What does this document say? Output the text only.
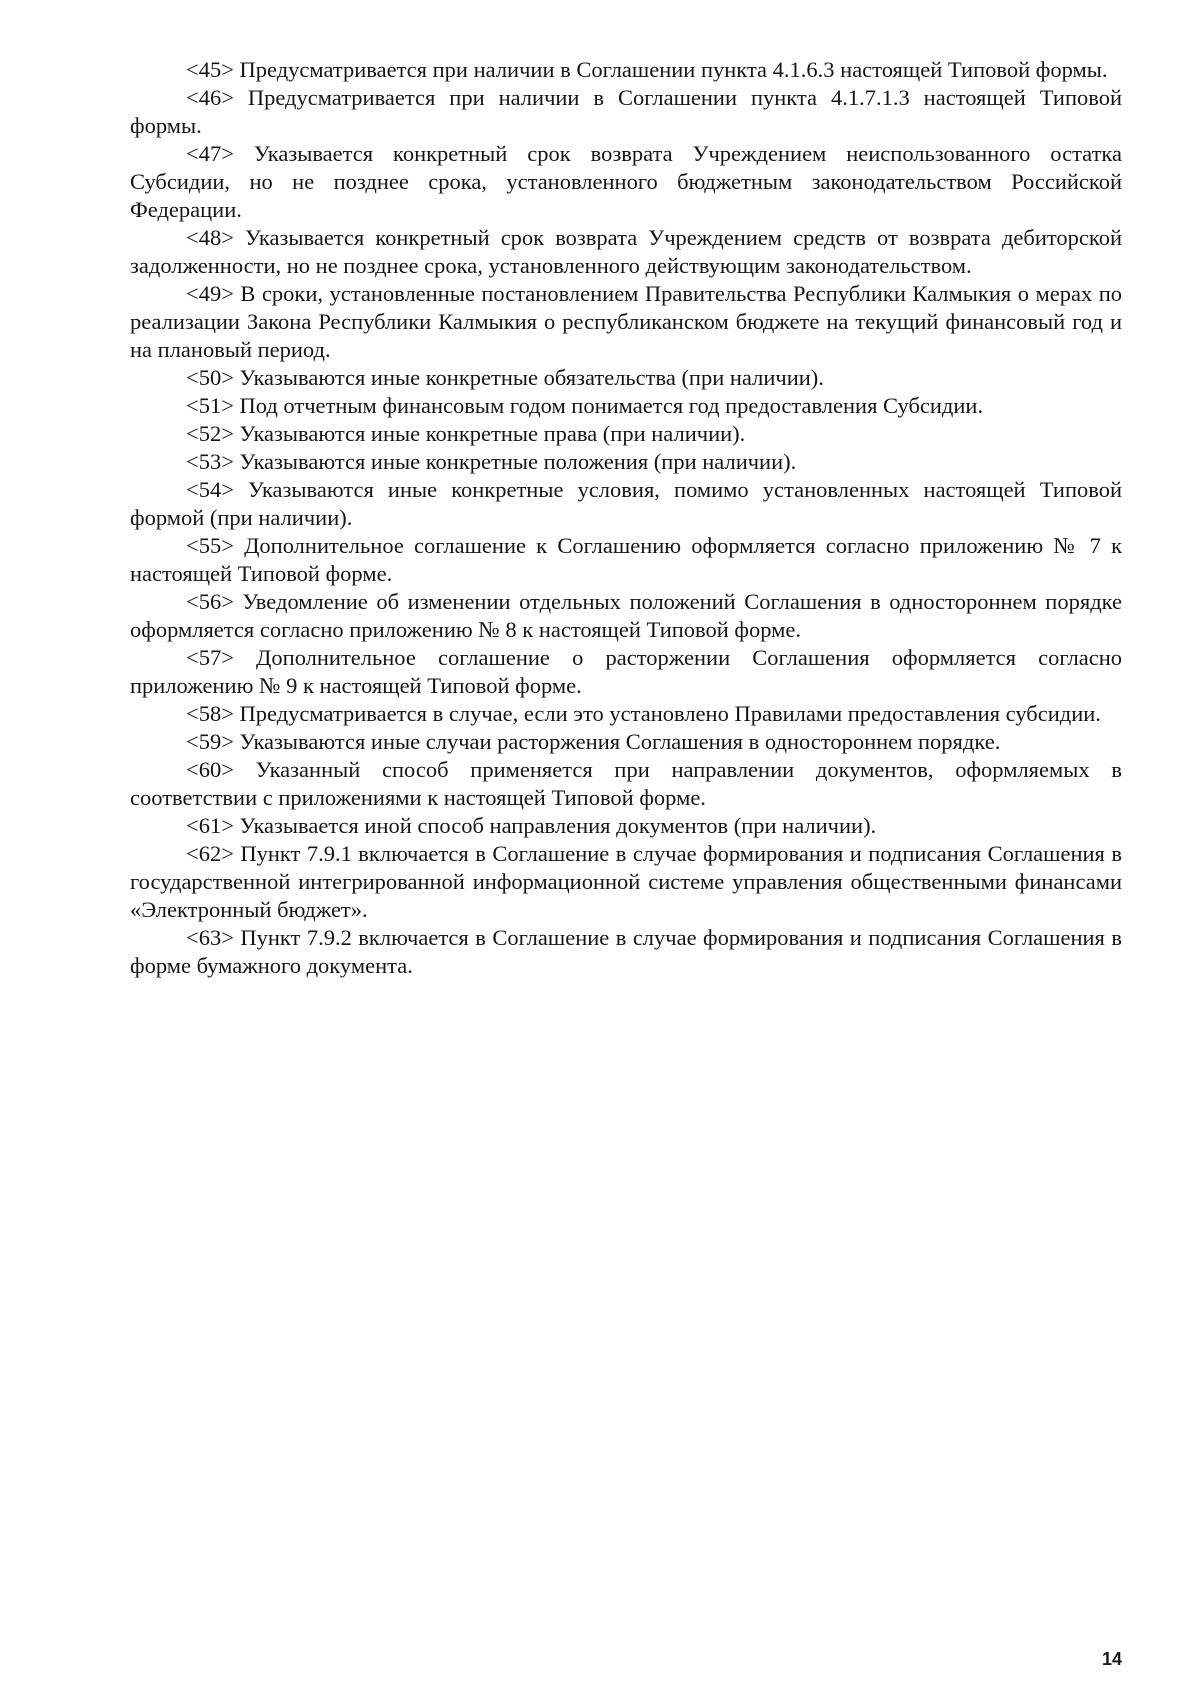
<45> Предусматривается при наличии в Соглашении пункта 4.1.6.3 настоящей Типовой формы.

<46> Предусматривается при наличии в Соглашении пункта 4.1.7.1.3 настоящей Типовой формы.

<47> Указывается конкретный срок возврата Учреждением неиспользованного остатка Субсидии, но не позднее срока, установленного бюджетным законодательством Российской Федерации.

<48> Указывается конкретный срок возврата Учреждением средств от возврата дебиторской задолженности, но не позднее срока, установленного действующим законодательством.

<49> В сроки, установленные постановлением Правительства Республики Калмыкия о мерах по реализации Закона Республики Калмыкия о республиканском бюджете на текущий финансовый год и на плановый период.

<50> Указываются иные конкретные обязательства (при наличии).

<51> Под отчетным финансовым годом понимается год предоставления Субсидии.

<52> Указываются иные конкретные права (при наличии).

<53> Указываются иные конкретные положения (при наличии).

<54> Указываются иные конкретные условия, помимо установленных настоящей Типовой формой (при наличии).

<55> Дополнительное соглашение к Соглашению оформляется согласно приложению № 7 к настоящей Типовой форме.

<56> Уведомление об изменении отдельных положений Соглашения в одностороннем порядке оформляется согласно приложению № 8 к настоящей Типовой форме.

<57> Дополнительное соглашение о расторжении Соглашения оформляется согласно приложению № 9 к настоящей Типовой форме.

<58> Предусматривается в случае, если это установлено Правилами предоставления субсидии.

<59> Указываются иные случаи расторжения Соглашения в одностороннем порядке.

<60> Указанный способ применяется при направлении документов, оформляемых в соответствии с приложениями к настоящей Типовой форме.

<61> Указывается иной способ направления документов (при наличии).

<62> Пункт 7.9.1 включается в Соглашение в случае формирования и подписания Соглашения в государственной интегрированной информационной системе управления общественными финансами «Электронный бюджет».

<63> Пункт 7.9.2 включается в Соглашение в случае формирования и подписания Соглашения в форме бумажного документа.

14
